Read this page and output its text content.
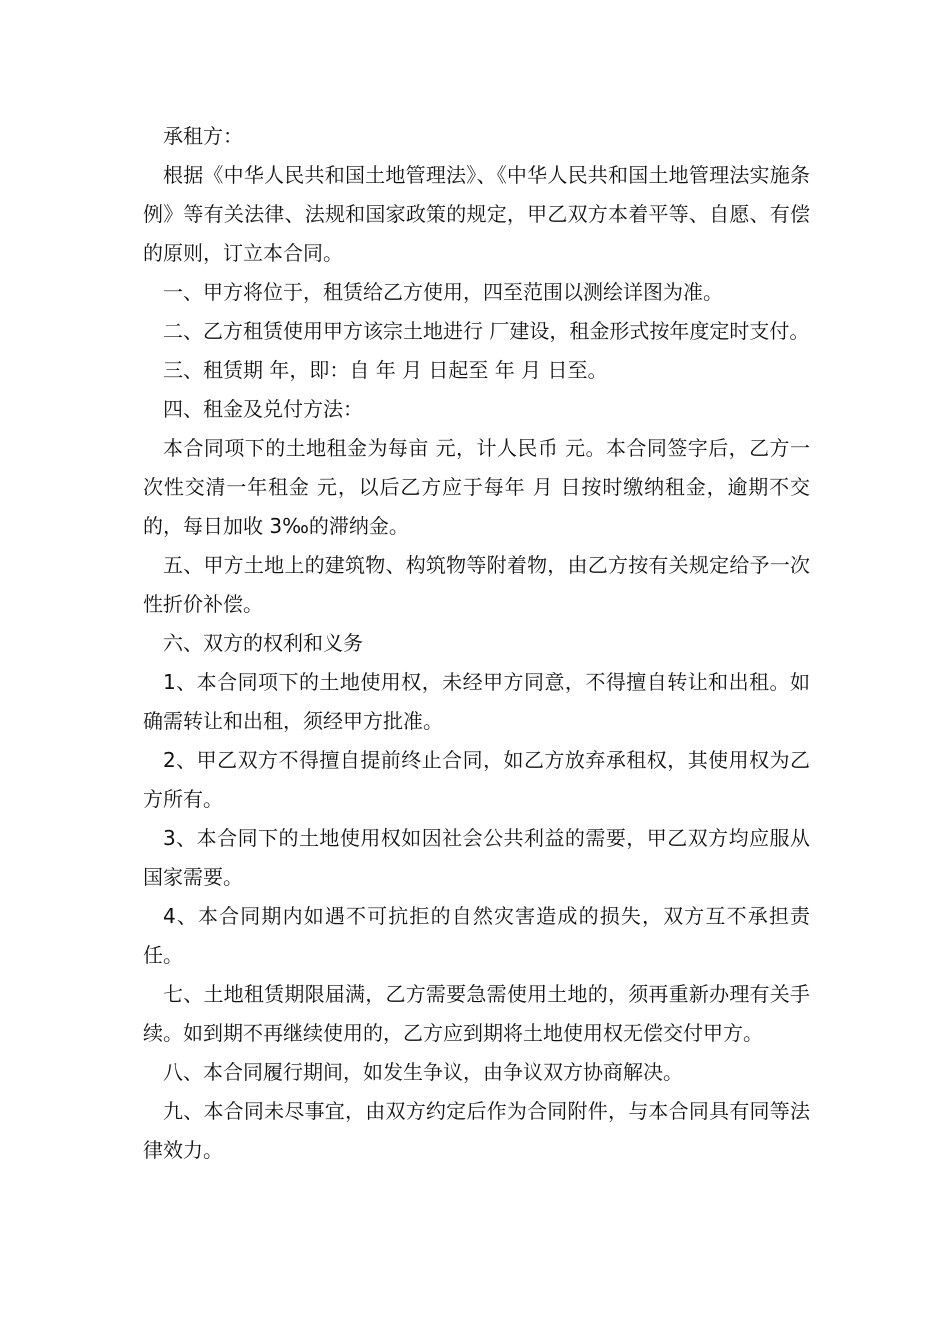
承租方：

根据《中华人民共和国土地管理法》、《中华人民共和国土地管理法实施条例》等有关法律、法规和国家政策的规定，甲乙双方本着平等、自愿、有偿的原则，订立本合同。

一、甲方将位于，租赁给乙方使用，四至范围以测绘详图为准。

二、乙方租赁使用甲方该宗土地进行 厂建设，租金形式按年度定时支付。

三、租赁期 年，即：自 年 月 日起至 年 月 日至。

四、租金及兑付方法：

本合同项下的土地租金为每亩 元，计人民币 元。本合同签字后，乙方一次性交清一年租金 元，以后乙方应于每年 月 日按时缴纳租金，逾期不交的，每日加收 3‰的滞纳金。

五、甲方土地上的建筑物、构筑物等附着物，由乙方按有关规定给予一次性折价补偿。

六、双方的权利和义务

1、本合同项下的土地使用权，未经甲方同意，不得擅自转让和出租。如确需转让和出租，须经甲方批准。

2、甲乙双方不得擅自提前终止合同，如乙方放弃承租权，其使用权为乙方所有。

3、本合同下的土地使用权如因社会公共利益的需要，甲乙双方均应服从国家需要。

4、本合同期内如遇不可抗拒的自然灾害造成的损失，双方互不承担责任。

七、土地租赁期限届满，乙方需要急需使用土地的，须再重新办理有关手续。如到期不再继续使用的，乙方应到期将土地使用权无偿交付甲方。

八、本合同履行期间，如发生争议，由争议双方协商解决。

九、本合同未尽事宜，由双方约定后作为合同附件，与本合同具有同等法律效力。
